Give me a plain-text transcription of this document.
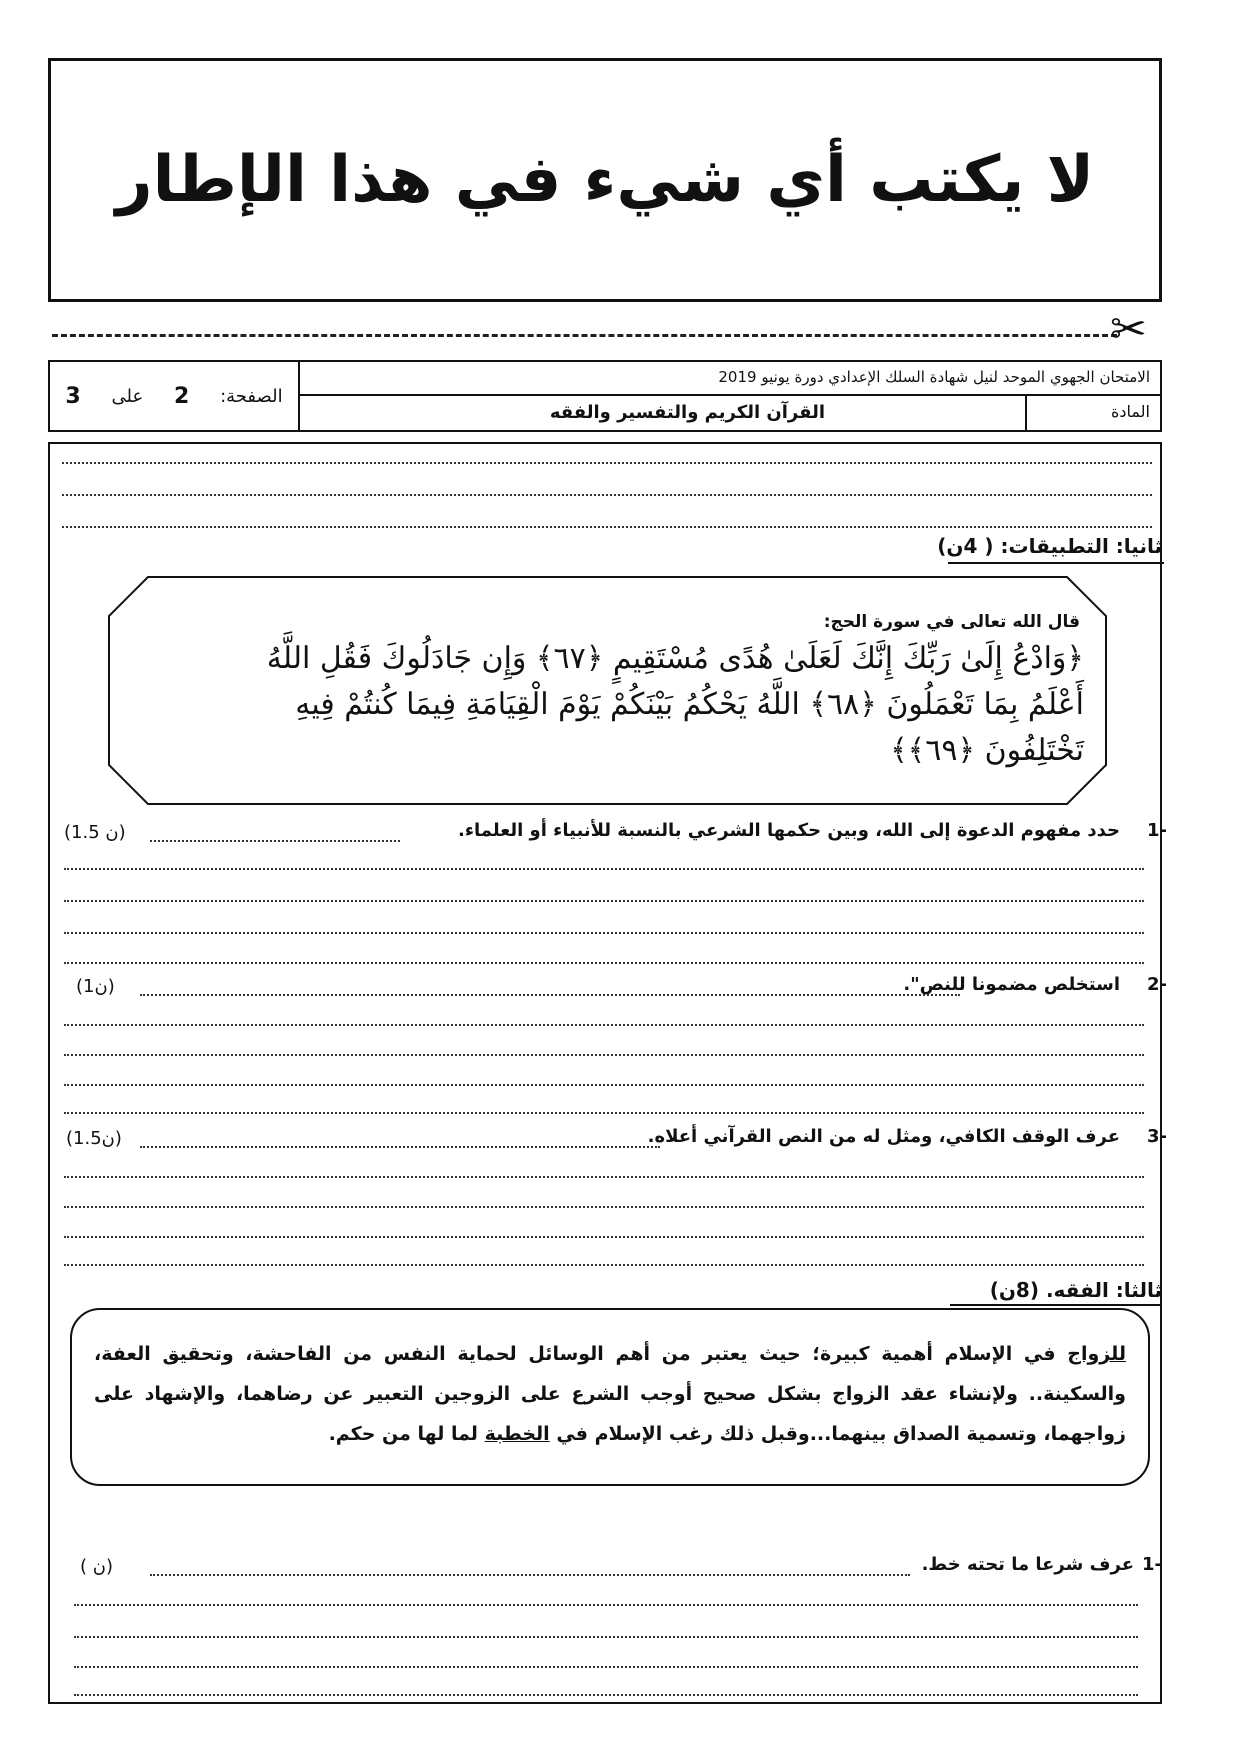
لا يكتب أي شيء في هذا الإطار
✂
الصفحة:
2
على
3
الامتحان الجهوي الموحد لنيل شهادة السلك الإعدادي دورة يونيو 2019
المادة
القرآن الكريم والتفسير والفقه
ثانيا: التطبيقات: ( 4ن)
قال الله تعالى في سورة الحج:
﴿وَادْعُ إِلَىٰ رَبِّكَ إِنَّكَ لَعَلَىٰ هُدًى مُسْتَقِيمٍ ﴿٦٧﴾ وَإِن جَادَلُوكَ فَقُلِ اللَّهُ
أَعْلَمُ بِمَا تَعْمَلُونَ ﴿٦٨﴾ اللَّهُ يَحْكُمُ بَيْنَكُمْ يَوْمَ الْقِيَامَةِ فِيمَا كُنتُمْ فِيهِ
تَخْتَلِفُونَ ﴿٦٩﴾﴾
-1
حدد مفهوم الدعوة إلى الله، وبين حكمها الشرعي بالنسبة للأنبياء أو العلماء.
(1.5 ن)
-2
استخلص مضمونا للنص".
(1ن)
-3
عرف الوقف الكافي، ومثل له من النص القرآني أعلاه.
(1.5ن)
ثالثا: الفقه. (8ن)
للزواج في الإسلام أهمية كبيرة؛ حيث يعتبر من أهم الوسائل لحماية النفس من الفاحشة، وتحقيق العفة، والسكينة.. ولإنشاء عقد الزواج بشكل صحيح أوجب الشرع على الزوجين التعبير عن رضاهما، والإشهاد على زواجهما، وتسمية الصداق بينهما...وقبل ذلك رغب الإسلام في الخطبة لما لها من حكم.
-1
عرف شرعا ما تحته خط.
( ن)
